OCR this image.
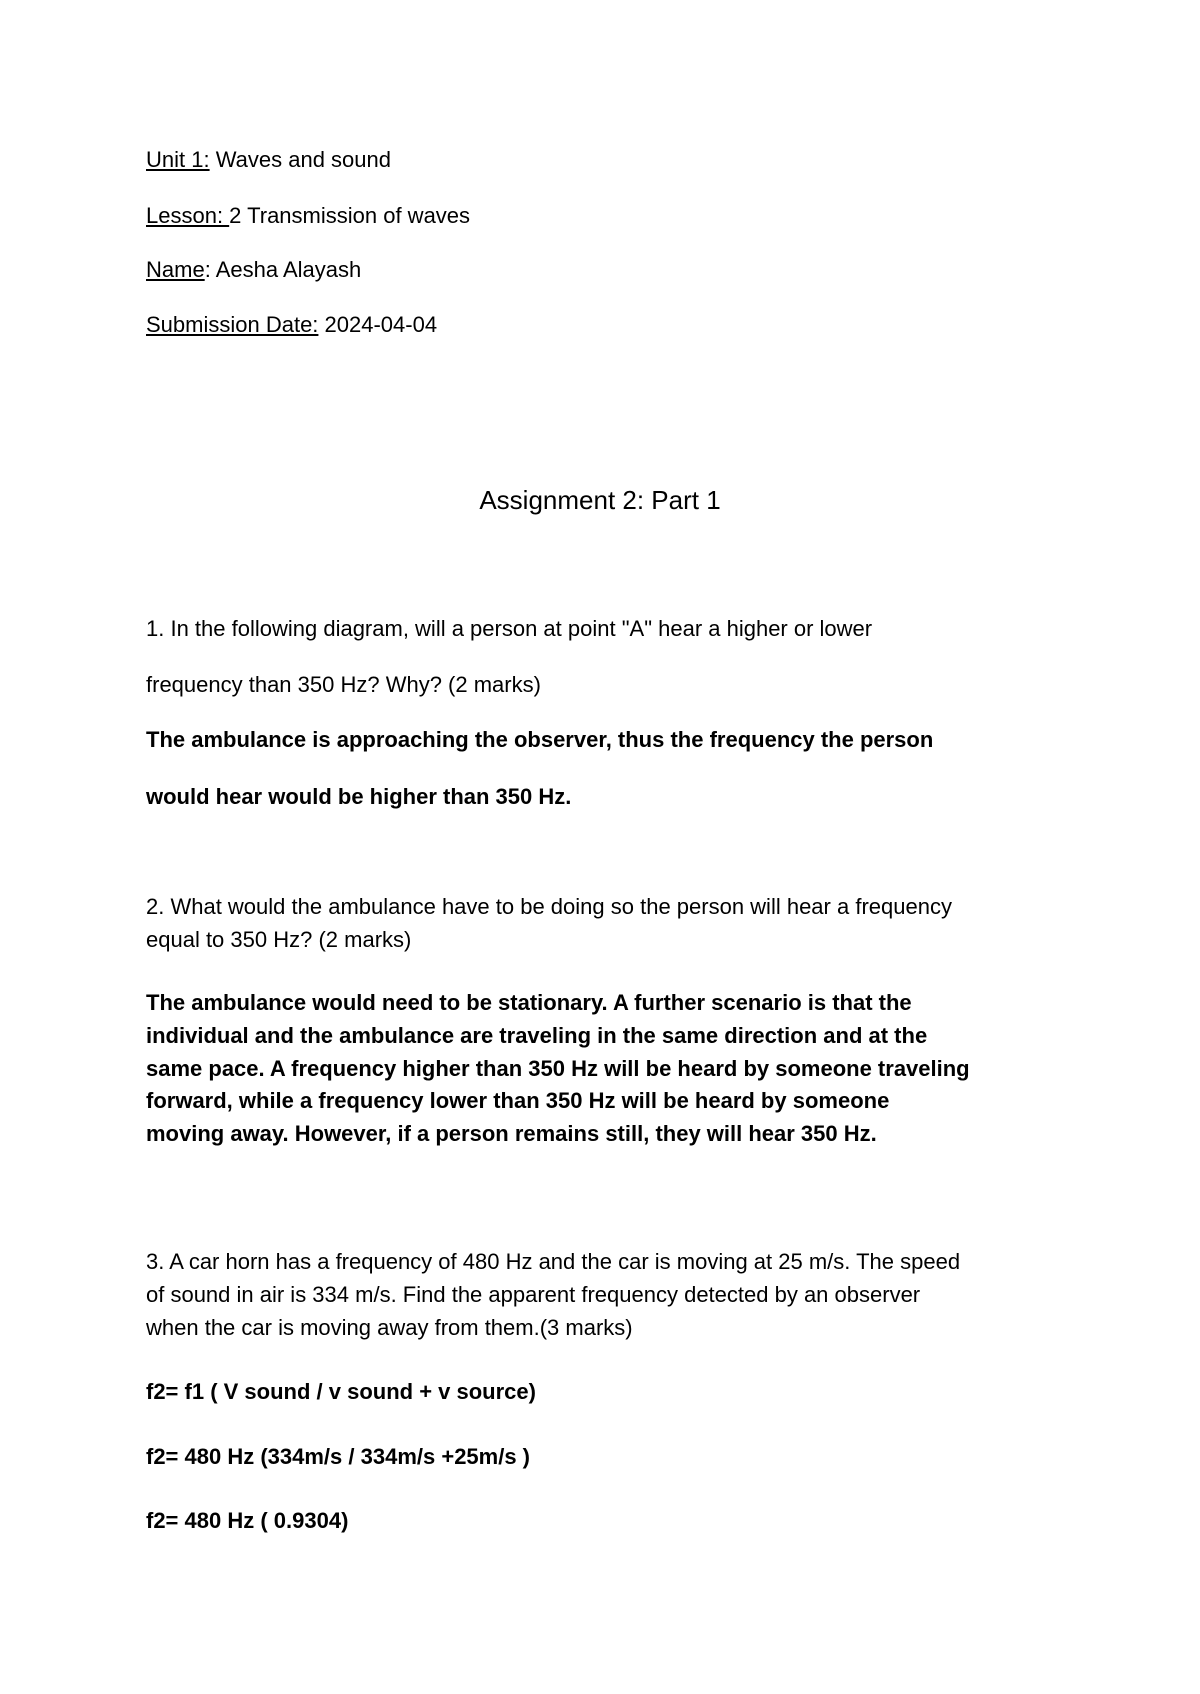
Unit 1: Waves and sound
Lesson: 2 Transmission of waves
Name: Aesha Alayash
Submission Date: 2024-04-04
Assignment 2: Part 1
1. In the following diagram, will a person at point "A" hear a higher or lower
frequency than 350 Hz? Why? (2 marks)
The ambulance is approaching the observer, thus the frequency the person
would hear would be higher than 350 Hz.
2. What would the ambulance have to be doing so the person will hear a frequency
equal to 350 Hz? (2 marks)
The ambulance would need to be stationary. A further scenario is that the
individual and the ambulance are traveling in the same direction and at the
same pace. A frequency higher than 350 Hz will be heard by someone traveling
forward, while a frequency lower than 350 Hz will be heard by someone
moving away. However, if a person remains still, they will hear 350 Hz.
3. A car horn has a frequency of 480 Hz and the car is moving at 25 m/s. The speed
of sound in air is 334 m/s. Find the apparent frequency detected by an observer
when the car is moving away from them.(3 marks)
f2= f1 ( V sound / v sound + v source)
f2= 480 Hz (334m/s / 334m/s +25m/s )
f2= 480 Hz ( 0.9304)
